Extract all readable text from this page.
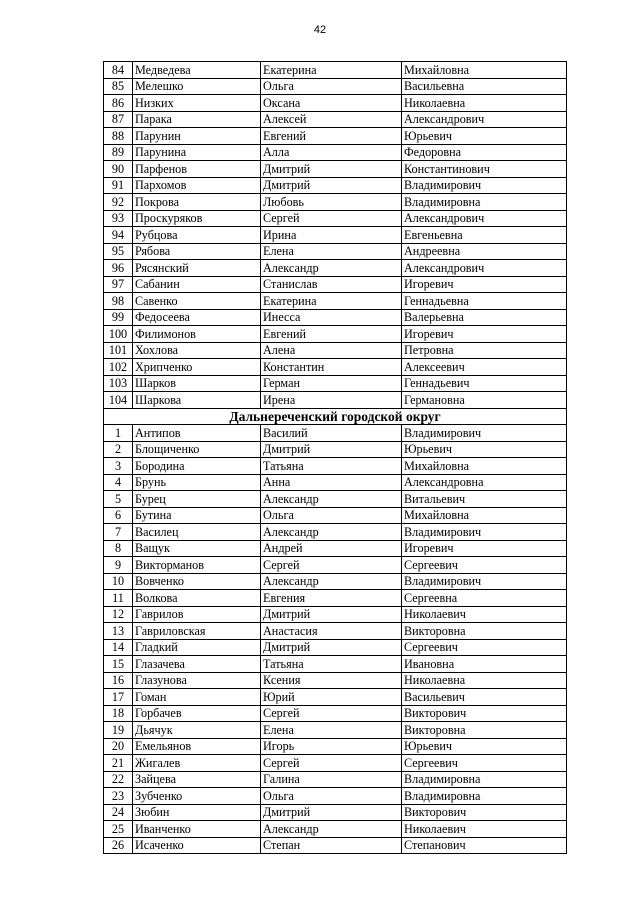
42
84	Медведева	Екатерина	Михайловна
85	Мелешко	Ольга	Васильевна
86	Низких	Оксана	Николаевна
87	Парака	Алексей	Александрович
88	Парунин	Евгений	Юрьевич
89	Парунина	Алла	Федоровна
90	Парфенов	Дмитрий	Константинович
91	Пархомов	Дмитрий	Владимирович
92	Покрова	Любовь	Владимировна
93	Проскуряков	Сергей	Александрович
94	Рубцова	Ирина	Евгеньевна
95	Рябова	Елена	Андреевна
96	Рясянский	Александр	Александрович
97	Сабанин	Станислав	Игоревич
98	Савенко	Екатерина	Геннадьевна
99	Федосеева	Инесса	Валерьевна
100	Филимонов	Евгений	Игоревич
101	Хохлова	Алена	Петровна
102	Хрипченко	Константин	Алексеевич
103	Шарков	Герман	Геннадьевич
104	Шаркова	Ирена	Германовна
Дальнереченский городской округ			
1	Антипов	Василий	Владимирович
2	Блощиченко	Дмитрий	Юрьевич
3	Бородина	Татьяна	Михайловна
4	Брунь	Анна	Александровна
5	Бурец	Александр	Витальевич
6	Бутина	Ольга	Михайловна
7	Василец	Александр	Владимирович
8	Ващук	Андрей	Игоревич
9	Викторманов	Сергей	Сергеевич
10	Вовченко	Александр	Владимирович
11	Волкова	Евгения	Сергеевна
12	Гаврилов	Дмитрий	Николаевич
13	Гавриловская	Анастасия	Викторовна
14	Гладкий	Дмитрий	Сергеевич
15	Глазачева	Татьяна	Ивановна
16	Глазунова	Ксения	Николаевна
17	Гоман	Юрий	Васильевич
18	Горбачев	Сергей	Викторович
19	Дьячук	Елена	Викторовна
20	Емельянов	Игорь	Юрьевич
21	Жигалев	Сергей	Сергеевич
22	Зайцева	Галина	Владимировна
23	Зубченко	Ольга	Владимировна
24	Зюбин	Дмитрий	Викторович
25	Иванченко	Александр	Николаевич
26	Исаченко	Степан	Степанович
